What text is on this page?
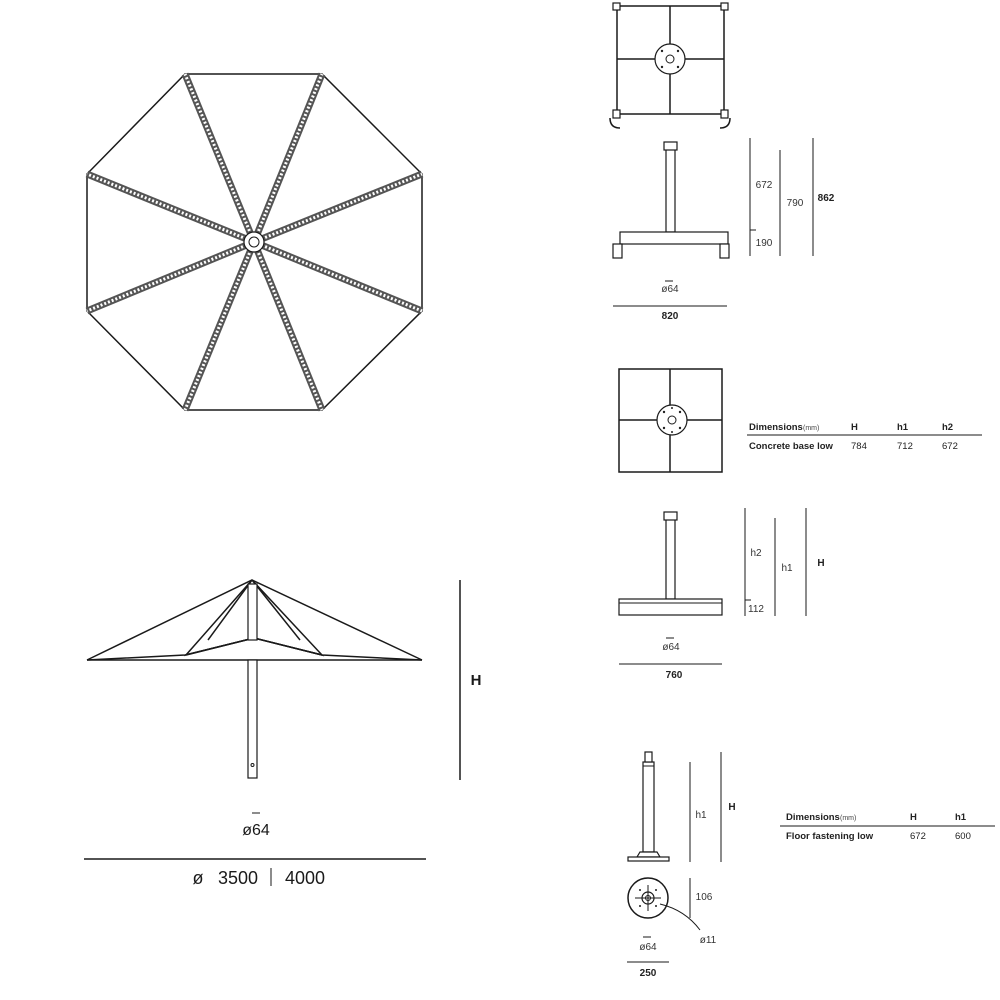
ø64
ø 3500 4000
H
672
190
790 862
ø64
820
Dimensions (mm)	H	h1	h2
Concrete base low 784	712	672
h2
h1 H
112
ø64
760
h1
H
Dimensions (mm)	H	h1
Floor fastening low	672	600
106
ø11
ø64
250
